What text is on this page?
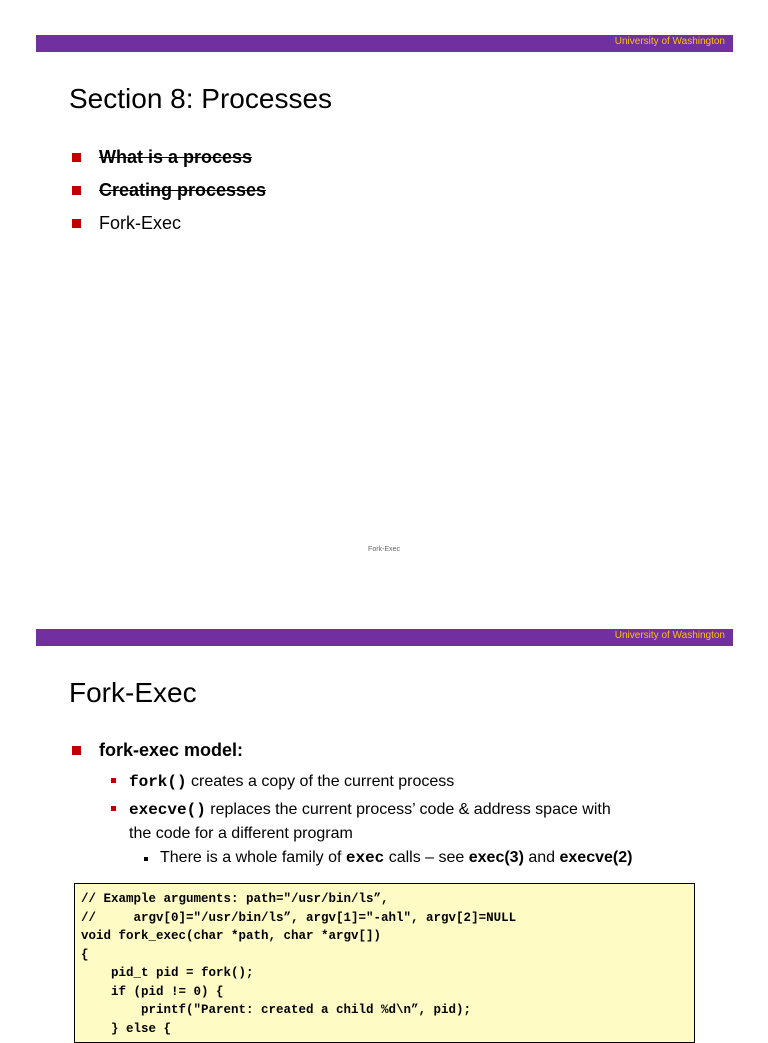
University of Washington
Section 8: Processes
What is a process
Creating processes
Fork-Exec
Fork-Exec
University of Washington
Fork-Exec
fork-exec model:
fork() creates a copy of the current process
execve() replaces the current process’ code & address space with
the code for a different program
There is a whole family of exec calls – see exec(3) and execve(2)
// Example arguments: path="/usr/bin/ls”,
//     argv[0]="/usr/bin/ls”, argv[1]="-ahl", argv[2]=NULL
void fork_exec(char *path, char *argv[])
{
pid_t pid = fork();
if (pid != 0) {
printf("Parent: created a child %d\n”, pid);
} else {
